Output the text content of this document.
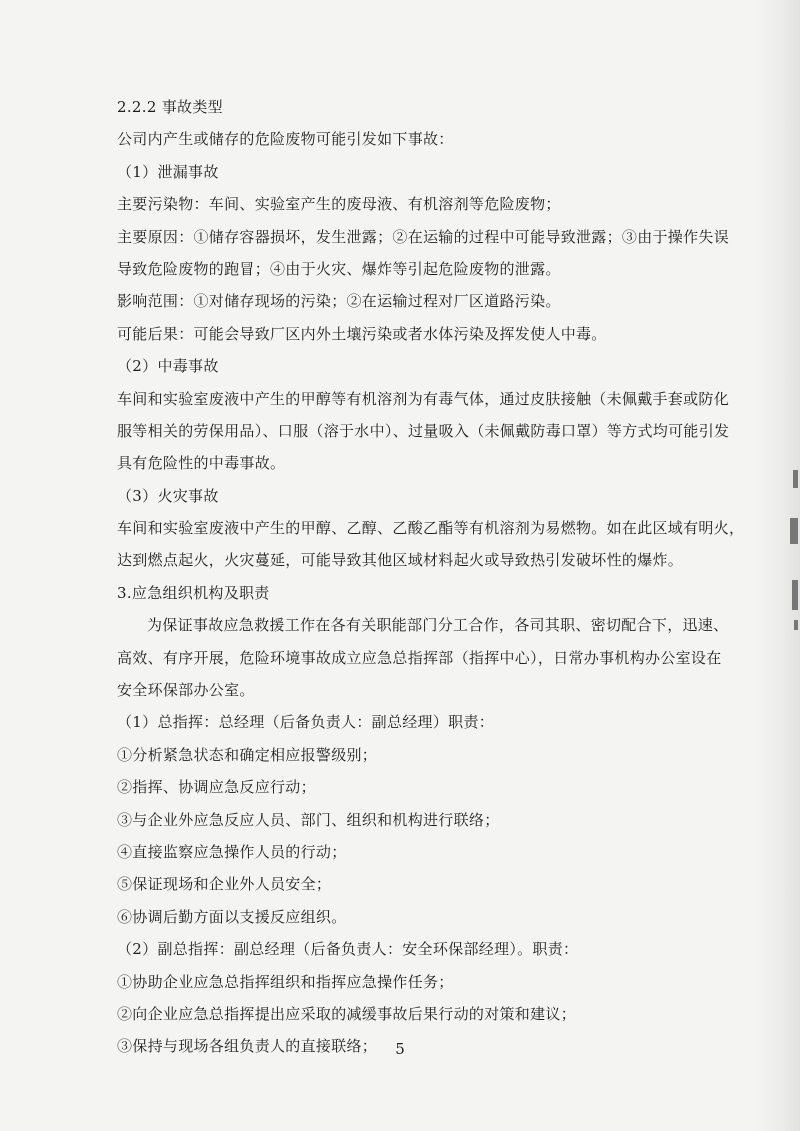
2.2.2 事故类型

公司内产生或储存的危险废物可能引发如下事故：

（1）泄漏事故

主要污染物：车间、实验室产生的废母液、有机溶剂等危险废物；

主要原因：①储存容器损坏，发生泄露；②在运输的过程中可能导致泄露；③由于操作失误

导致危险废物的跑冒；④由于火灾、爆炸等引起危险废物的泄露。

影响范围：①对储存现场的污染；②在运输过程对厂区道路污染。

可能后果：可能会导致厂区内外土壤污染或者水体污染及挥发使人中毒。

（2）中毒事故

车间和实验室废液中产生的甲醇等有机溶剂为有毒气体，通过皮肤接触（未佩戴手套或防化

服等相关的劳保用品）、口服（溶于水中）、过量吸入（未佩戴防毒口罩）等方式均可能引发

具有危险性的中毒事故。

（3）火灾事故

车间和实验室废液中产生的甲醇、乙醇、乙酸乙酯等有机溶剂为易燃物。如在此区域有明火，

达到燃点起火，火灾蔓延，可能导致其他区域材料起火或导致热引发破坏性的爆炸。

3.应急组织机构及职责

为保证事故应急救援工作在各有关职能部门分工合作，各司其职、密切配合下，迅速、

高效、有序开展，危险环境事故成立应急总指挥部（指挥中心），日常办事机构办公室设在

安全环保部办公室。

（1）总指挥：总经理（后备负责人：副总经理）职责：

①分析紧急状态和确定相应报警级别；

②指挥、协调应急反应行动；

③与企业外应急反应人员、部门、组织和机构进行联络；

④直接监察应急操作人员的行动；

⑤保证现场和企业外人员安全；

⑥协调后勤方面以支援反应组织。

（2）副总指挥：副总经理（后备负责人：安全环保部经理）。职责：

①协助企业应急总指挥组织和指挥应急操作任务；

②向企业应急总指挥提出应采取的减缓事故后果行动的对策和建议；

③保持与现场各组负责人的直接联络；	5
